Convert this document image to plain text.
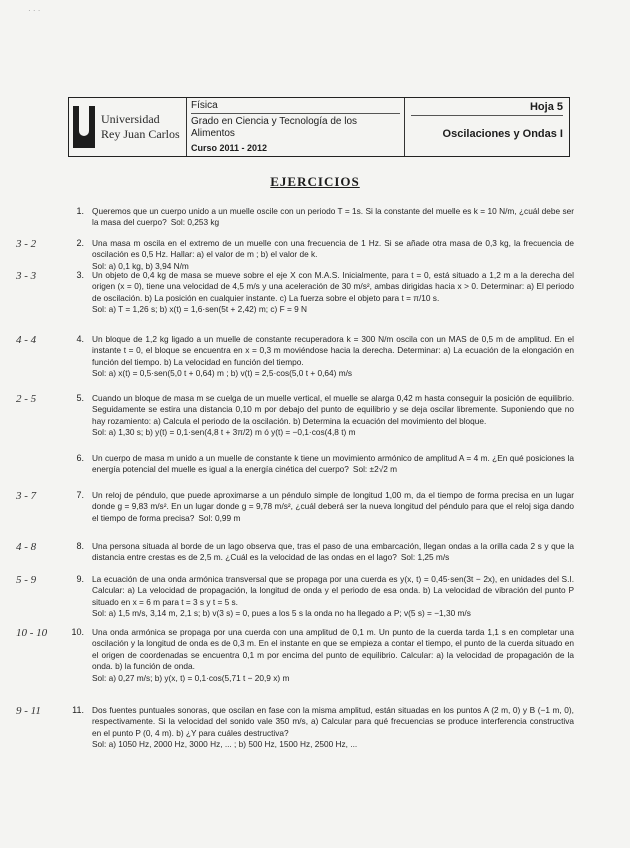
· · ·
Universidad
Rey Juan Carlos
Física
Grado en Ciencia y Tecnología de los Alimentos
Curso 2011 - 2012
Hoja 5
Oscilaciones y Ondas I
EJERCICIOS
1. Queremos que un cuerpo unido a un muelle oscile con un periodo T = 1s. Si la constante del muelle es k = 10 N/m, ¿cuál debe ser la masa del cuerpo? Sol: 0,253 kg
3 - 2	2. Una masa m oscila en el extremo de un muelle con una frecuencia de 1 Hz. Si se añade otra masa de 0,3 kg, la frecuencia de oscilación es 0,5 Hz. Hallar: a) el valor de m ; b) el valor de k.
Sol: a) 0,1 kg, b) 3,94 N/m
3 - 3	3. Un objeto de 0,4 kg de masa se mueve sobre el eje X con M.A.S. Inicialmente, para t = 0, está situado a 1,2 m a la derecha del origen (x = 0), tiene una velocidad de 4,5 m/s y una aceleración de 30 m/s², ambas dirigidas hacia x > 0. Determinar: a) El periodo de oscilación. b) La posición en cualquier instante. c) La fuerza sobre el objeto para t = π/10 s.
Sol: a) T = 1,26 s; b) x(t) = 1,6·sen(5t + 2,42) m; c) F = 9 N
4 - 4	4. Un bloque de 1,2 kg ligado a un muelle de constante recuperadora k = 300 N/m oscila con un MAS de 0,5 m de amplitud. En el instante t = 0, el bloque se encuentra en x = 0,3 m moviéndose hacia la derecha. Determinar: a) La ecuación de la elongación en función del tiempo. b) La velocidad en función del tiempo.
Sol: a) x(t) = 0,5·sen(5,0 t + 0,64) m ; b) v(t) = 2,5·cos(5,0 t + 0,64) m/s
2 - 5	5. Cuando un bloque de masa m se cuelga de un muelle vertical, el muelle se alarga 0,42 m hasta conseguir la posición de equilibrio. Seguidamente se estira una distancia 0,10 m por debajo del punto de equilibrio y se deja oscilar libremente. Suponiendo que no hay rozamiento: a) Calcula el periodo de la oscilación. b) Determina la ecuación del movimiento del bloque.
Sol: a) 1,30 s; b) y(t) = 0,1·sen(4,8 t + 3π/2) m ó y(t) = −0,1·cos(4,8 t) m
6. Un cuerpo de masa m unido a un muelle de constante k tiene un movimiento armónico de amplitud A = 4 m. ¿En qué posiciones la energía potencial del muelle es igual a la energía cinética del cuerpo? Sol: ±2√2 m
3 - 7	7. Un reloj de péndulo, que puede aproximarse a un péndulo simple de longitud 1,00 m, da el tiempo de forma precisa en un lugar donde g = 9,83 m/s². En un lugar donde g = 9,78 m/s², ¿cuál deberá ser la nueva longitud del péndulo para que el reloj siga dando el tiempo de forma precisa? Sol: 0,99 m
4 - 8	8. Una persona situada al borde de un lago observa que, tras el paso de una embarcación, llegan ondas a la orilla cada 2 s y que la distancia entre crestas es de 2,5 m. ¿Cuál es la velocidad de las ondas en el lago? Sol: 1,25 m/s
5 - 9	9. La ecuación de una onda armónica transversal que se propaga por una cuerda es y(x, t) = 0,45·sen(3t − 2x), en unidades del S.I. Calcular: a) La velocidad de propagación, la longitud de onda y el periodo de esa onda. b) La velocidad de vibración del punto P situado en x = 6 m para t = 3 s y t = 5 s.
Sol: a) 1,5 m/s, 3,14 m, 2,1 s; b) v(3 s) = 0, pues a los 5 s la onda no ha llegado a P; v(5 s) = −1,30 m/s
10 - 10	10. Una onda armónica se propaga por una cuerda con una amplitud de 0,1 m. Un punto de la cuerda tarda 1,1 s en completar una oscilación y la longitud de onda es de 0,3 m. En el instante en que se empieza a contar el tiempo, el punto de la cuerda situado en el origen de coordenadas se encuentra 0,1 m por encima del punto de equilibrio. Calcular: a) la velocidad de propagación de la onda. b) la función de onda.
Sol: a) 0,27 m/s; b) y(x, t) = 0,1·cos(5,71 t − 20,9 x) m
9 - 11	11. Dos fuentes puntuales sonoras, que oscilan en fase con la misma amplitud, están situadas en los puntos A (2 m, 0) y B (−1 m, 0), respectivamente. Si la velocidad del sonido vale 350 m/s, a) Calcular para qué frecuencias se produce interferencia constructiva en el punto P (0, 4 m). b) ¿Y para cuáles destructiva?
Sol: a) 1050 Hz, 2000 Hz, 3000 Hz, ... ; b) 500 Hz, 1500 Hz, 2500 Hz, ...
